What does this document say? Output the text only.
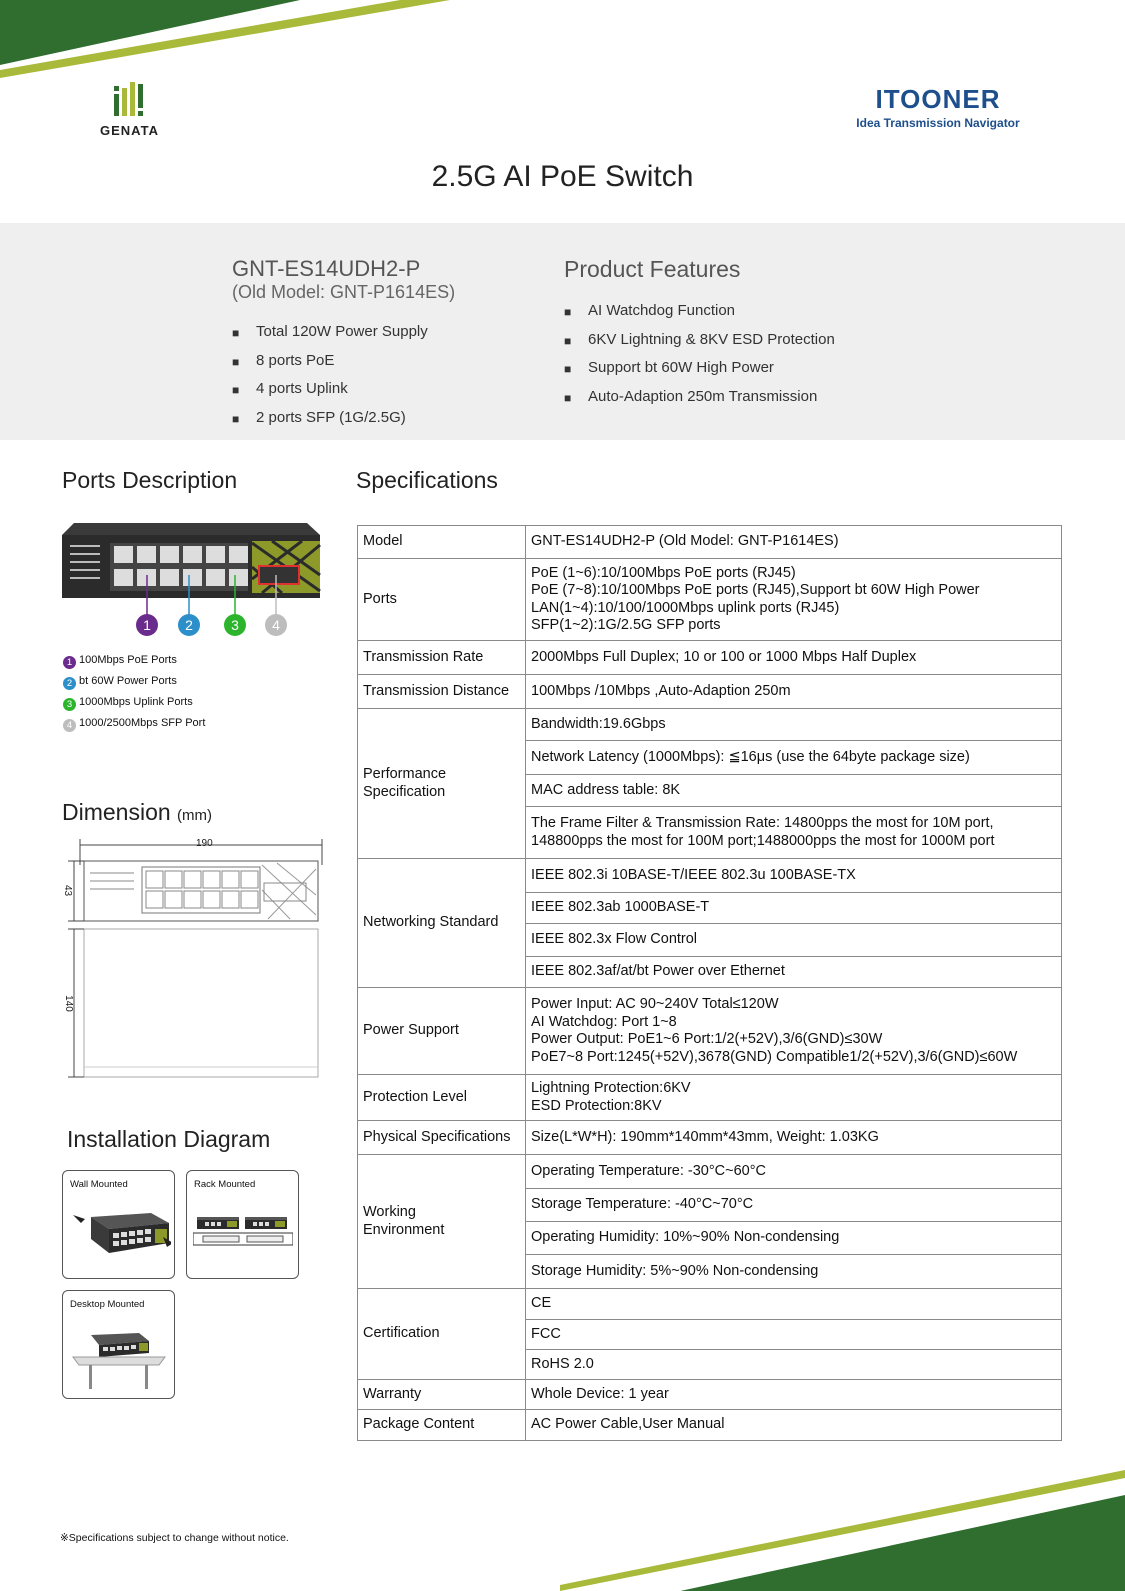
GENATA
ITOONER
Idea Transmission Navigator
2.5G AI PoE Switch
GNT-ES14UDH2-P
(Old Model: GNT-P1614ES)
■ Total 120W Power Supply
■ 8 ports PoE
■ 4 ports Uplink
■ 2 ports SFP (1G/2.5G)
Product Features
■ AI Watchdog Function
■ 6KV Lightning & 8KV ESD Protection
■ Support bt 60W High Power
■ Auto-Adaption 250m Transmission
Ports Description
1	2	3	4
1 100Mbps PoE Ports
2 bt 60W Power Ports
3 1000Mbps Uplink Ports
4 1000/2500Mbps SFP Port
Dimension (mm)
190
43
140
Installation Diagram
Wall Mounted	Rack Mounted
Desktop Mounted
Specifications
Model	GNT-ES14UDH2-P (Old Model: GNT-P1614ES)
Ports	PoE (1~6):10/100Mbps PoE ports (RJ45)
PoE (7~8):10/100Mbps PoE ports (RJ45),Support bt 60W High Power
LAN(1~4):10/100/1000Mbps uplink ports (RJ45)
SFP(1~2):1G/2.5G SFP ports
Transmission Rate	2000Mbps Full Duplex; 10 or 100 or 1000 Mbps Half Duplex
Transmission Distance	100Mbps /10Mbps ,Auto-Adaption 250m
Performance
Specification	Bandwidth:19.6Gbps
	Network Latency (1000Mbps): ≦16μs (use the 64byte package size)
	MAC address table: 8K
	The Frame Filter & Transmission Rate: 14800pps the most for 10M port,
148800pps the most for 100M port;1488000pps the most for 1000M port
Networking Standard	IEEE 802.3i 10BASE-T/IEEE 802.3u 100BASE-TX
	IEEE 802.3ab 1000BASE-T
	IEEE 802.3x Flow Control
	IEEE 802.3af/at/bt Power over Ethernet
Power Support	Power Input: AC 90~240V Total≤120W
AI Watchdog: Port 1~8
Power Output: PoE1~6 Port:1/2(+52V),3/6(GND)≤30W
PoE7~8 Port:1245(+52V),3678(GND) Compatible1/2(+52V),3/6(GND)≤60W
Protection Level	Lightning Protection:6KV
ESD Protection:8KV
Physical Specifications	Size(L*W*H): 190mm*140mm*43mm, Weight: 1.03KG
Working
Environment	Operating Temperature: -30°C~60°C
	Storage Temperature: -40°C~70°C
	Operating Humidity: 10%~90% Non-condensing
	Storage Humidity: 5%~90% Non-condensing
Certification	CE
	FCC
	RoHS 2.0
Warranty	Whole Device: 1 year
Package Content	AC Power Cable,User Manual
※Specifications subject to change without notice.
